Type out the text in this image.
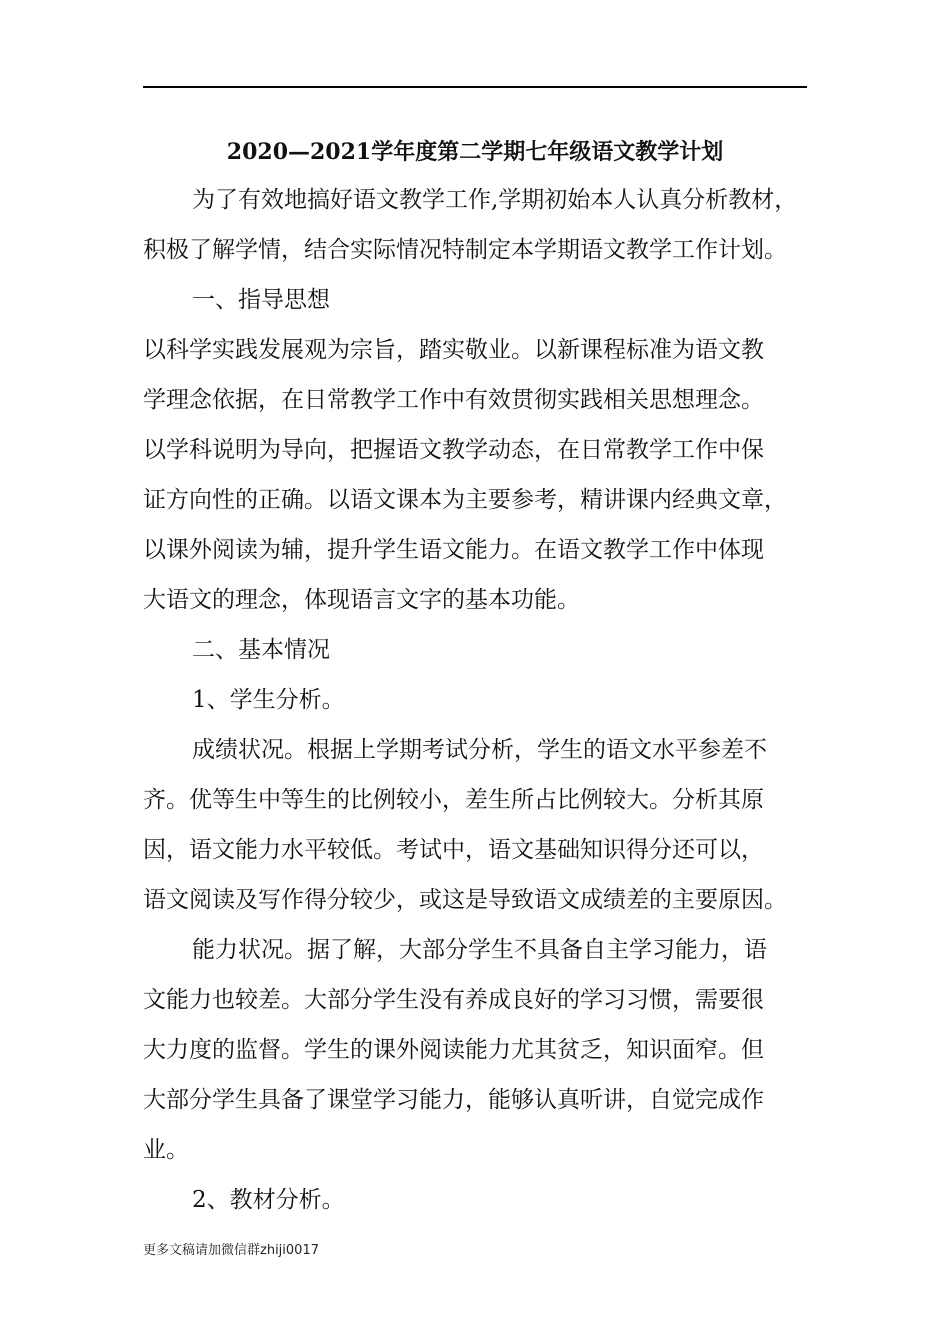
2020—2021学年度第二学期七年级语文教学计划
为了有效地搞好语文教学工作,学期初始本人认真分析教材，
积极了解学情，结合实际情况特制定本学期语文教学工作计划。
一、指导思想
以科学实践发展观为宗旨，踏实敬业。以新课程标准为语文教
学理念依据，在日常教学工作中有效贯彻实践相关思想理念。
以学科说明为导向，把握语文教学动态，在日常教学工作中保
证方向性的正确。以语文课本为主要参考，精讲课内经典文章，
以课外阅读为辅，提升学生语文能力。在语文教学工作中体现
大语文的理念，体现语言文字的基本功能。
二、基本情况
1、学生分析。
成绩状况。根据上学期考试分析，学生的语文水平参差不
齐。优等生中等生的比例较小，差生所占比例较大。分析其原
因，语文能力水平较低。考试中，语文基础知识得分还可以，
语文阅读及写作得分较少，或这是导致语文成绩差的主要原因。
能力状况。据了解，大部分学生不具备自主学习能力，语
文能力也较差。大部分学生没有养成良好的学习习惯，需要很
大力度的监督。学生的课外阅读能力尤其贫乏，知识面窄。但
大部分学生具备了课堂学习能力，能够认真听讲，自觉完成作
业。
2、教材分析。
更多文稿请加微信群zhiji0017
